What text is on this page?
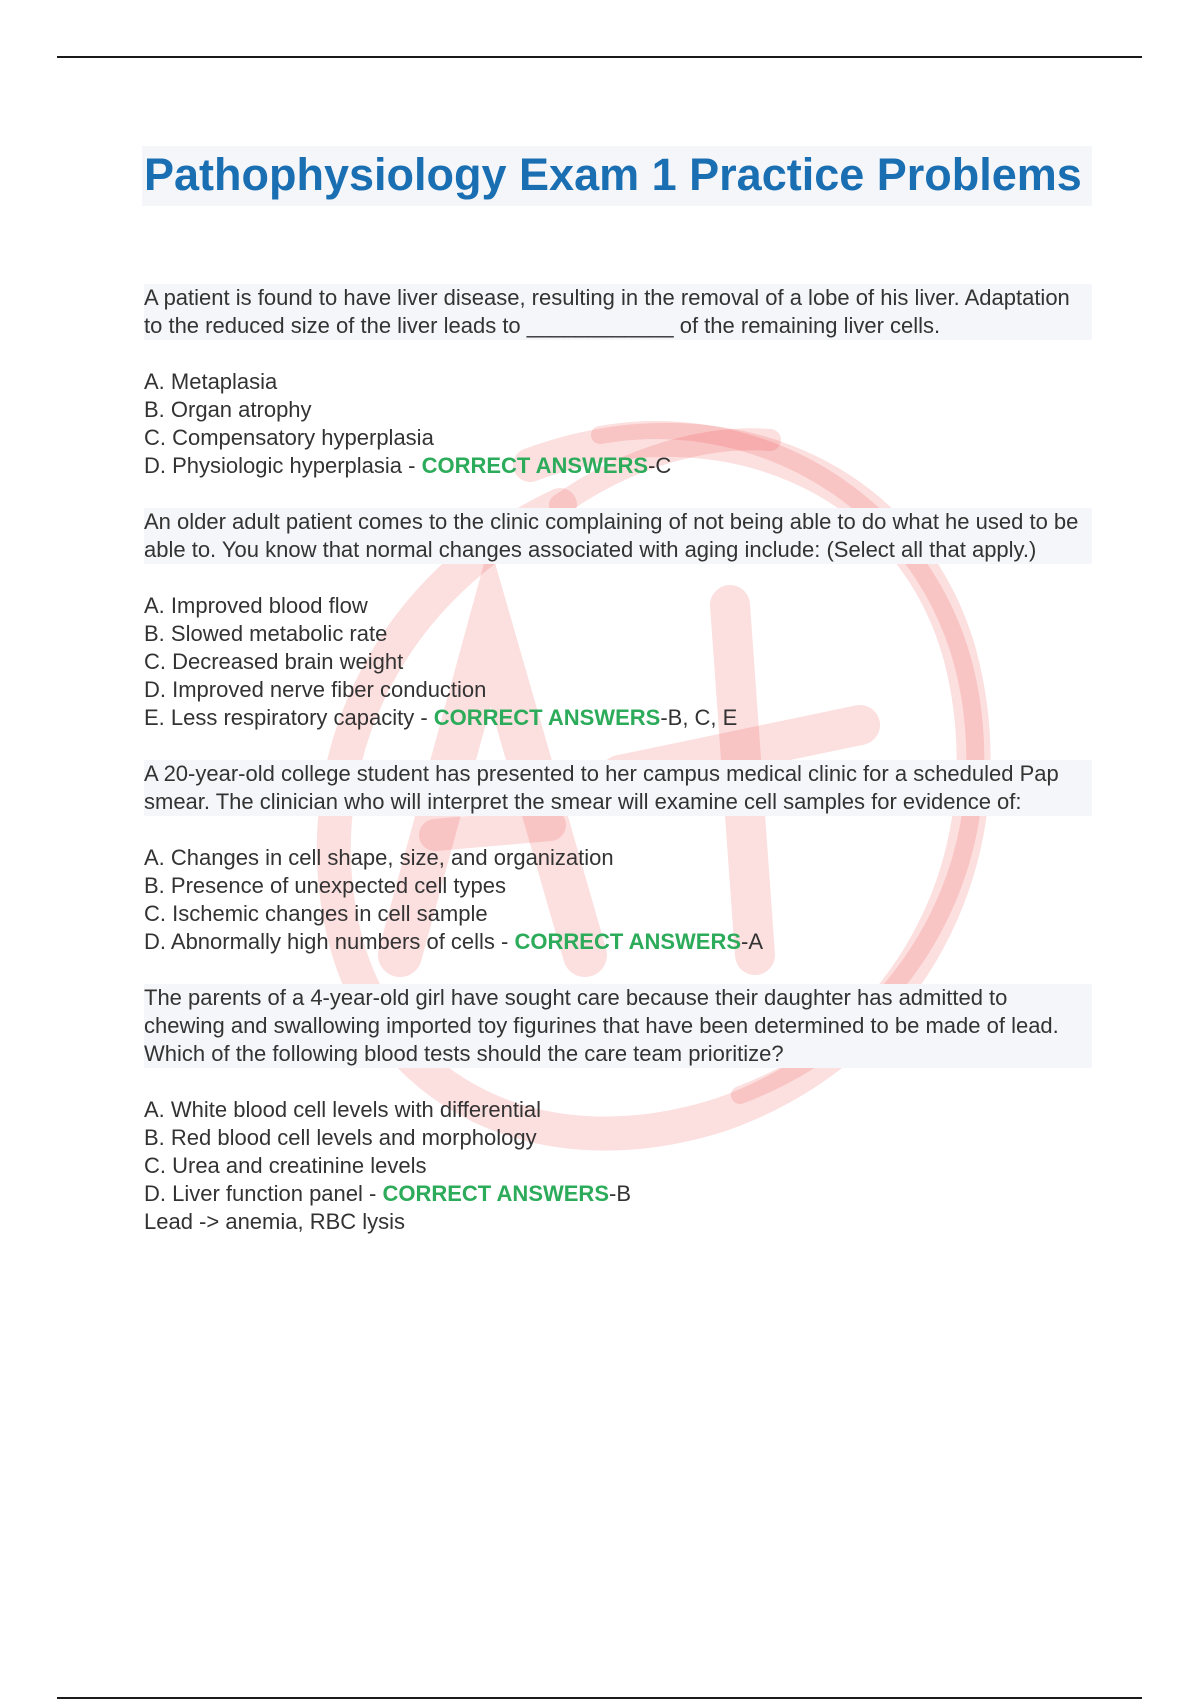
Pathophysiology Exam 1 Practice Problems

A patient is found to have liver disease, resulting in the removal of a lobe of his liver. Adaptation to the reduced size of the liver leads to ____________ of the remaining liver cells.

A. Metaplasia

B. Organ atrophy

C. Compensatory hyperplasia

D. Physiologic hyperplasia - CORRECT ANSWERS-C

An older adult patient comes to the clinic complaining of not being able to do what he used to be able to. You know that normal changes associated with aging include: (Select all that apply.)

A. Improved blood flow

B. Slowed metabolic rate

C. Decreased brain weight

D. Improved nerve fiber conduction

E. Less respiratory capacity - CORRECT ANSWERS-B, C, E

A 20-year-old college student has presented to her campus medical clinic for a scheduled Pap smear. The clinician who will interpret the smear will examine cell samples for evidence of:

A. Changes in cell shape, size, and organization

B. Presence of unexpected cell types

C. Ischemic changes in cell sample

D. Abnormally high numbers of cells - CORRECT ANSWERS-A

The parents of a 4-year-old girl have sought care because their daughter has admitted to chewing and swallowing imported toy figurines that have been determined to be made of lead. Which of the following blood tests should the care team prioritize?

A. White blood cell levels with differential

B. Red blood cell levels and morphology

C. Urea and creatinine levels

D. Liver function panel - CORRECT ANSWERS-B

Lead -> anemia, RBC lysis
